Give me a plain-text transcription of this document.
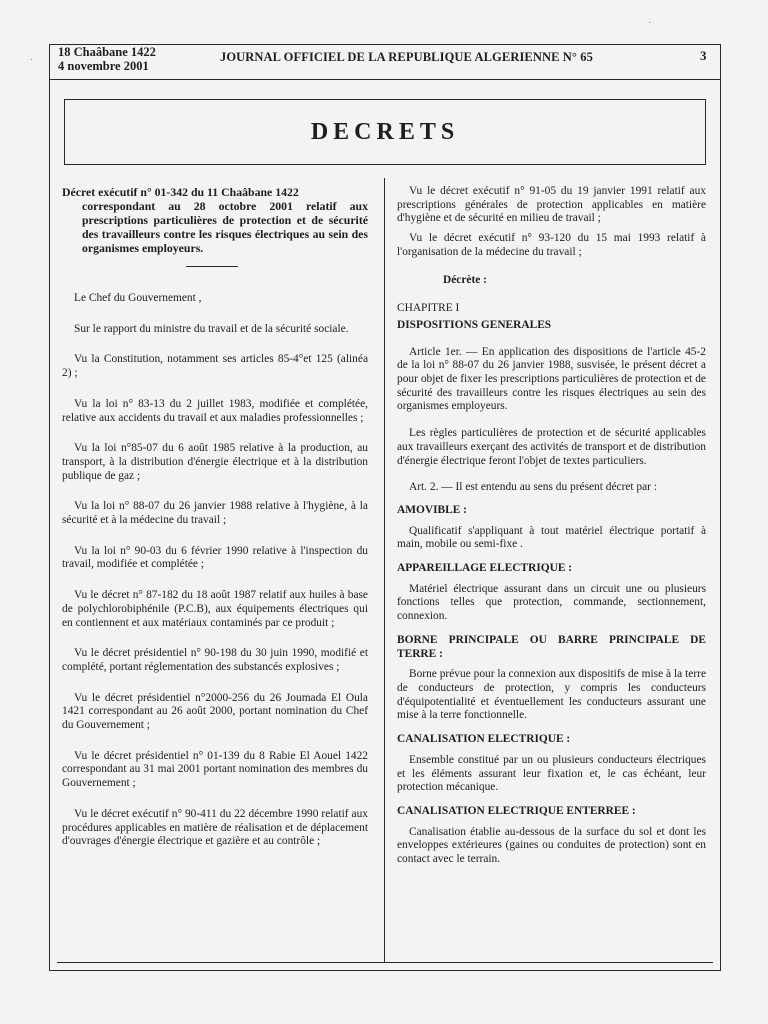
18 Chaâbane 1422
4 novembre 2001
JOURNAL OFFICIEL DE LA REPUBLIQUE ALGERIENNE N° 65	3
DECRETS
Décret exécutif n° 01-342 du 11 Chaâbane 1422
correspondant au 28 octobre 2001 relatif aux prescriptions particulières de protection et de sécurité des travailleurs contre les risques électriques au sein des organismes employeurs.

Le Chef du Gouvernement ,

Sur le rapport du ministre du travail et de la sécurité sociale.

Vu la Constitution, notamment ses articles 85-4°et 125 (alinéa 2) ;

Vu la loi n° 83-13 du 2 juillet 1983, modifiée et complétée, relative aux accidents du travail et aux maladies professionnelles ;

Vu la loi n°85-07 du 6 août 1985 relative à la production, au transport, à la distribution d'énergie électrique et à la distribution publique de gaz ;

Vu la loi n° 88-07 du 26 janvier 1988 relative à l'hygiène, à la sécurité et à la médecine du travail ;

Vu la loi n° 90-03 du 6 février 1990 relative à l'inspection du travail, modifiée et complétée ;

Vu le décret n° 87-182 du 18 août 1987 relatif aux huiles à base de polychlorobiphénile (P.C.B), aux équipements électriques qui en contiennent et aux matériaux contaminés par ce produit ;

Vu le décret présidentiel n° 90-198 du 30 juin 1990, modifié et complété, portant réglementation des substancés explosives ;

Vu le décret présidentiel n°2000-256 du 26 Joumada El Oula 1421 correspondant au 26 août 2000, portant nomination du Chef du Gouvernement ;

Vu le décret présidentiel n° 01-139 du 8 Rabie El Aouel 1422 correspondant au 31 mai 2001 portant nomination des membres du Gouvernement ;

Vu le décret exécutif n° 90-411 du 22 décembre 1990 relatif aux procédures applicables en matière de réalisation et de déplacement d'ouvrages d'énergie électrique et gazière et au contrôle ;

Vu le décret exécutif n° 91-05 du 19 janvier 1991 relatif aux prescriptions générales de protection applicables en matière d'hygiène et de sécurité en milieu de travail ;

Vu le décret exécutif n° 93-120 du 15 mai 1993 relatif à l'organisation de la médecine du travail ;

Décrète :

CHAPITRE I

DISPOSITIONS GENERALES

Article 1er. — En application des dispositions de l'article 45-2 de la loi n° 88-07 du 26 janvier 1988, susvisée, le présent décret a pour objet de fixer les prescriptions particulières de protection et de sécurité des travailleurs contre les risques électriques au sein des organismes employeurs.

Les règles particulières de protection et de sécurité applicables aux travailleurs exerçant des activités de transport et de distribution d'énergie électrique feront l'objet de textes particuliers.

Art. 2. — Il est entendu au sens du présent décret par :

AMOVIBLE :

Qualificatif s'appliquant à tout matériel électrique portatif à main, mobile ou semi-fixe .

APPAREILLAGE ELECTRIQUE :

Matériel électrique assurant dans un circuit une ou plusieurs fonctions telles que protection, commande, sectionnement, connexion.

BORNE PRINCIPALE OU BARRE PRINCIPALE DE TERRE :

Borne prévue pour la connexion aux dispositifs de mise à la terre de conducteurs de protection, y compris les conducteurs d'équipotentialité et éventuellement les conducteurs assurant une mise à la terre fonctionnelle.

CANALISATION ELECTRIQUE :

Ensemble constitué par un ou plusieurs conducteurs électriques et les éléments assurant leur fixation et, le cas échéant, leur protection mécanique.

CANALISATION ELECTRIQUE ENTERREE :

Canalisation établie au-dessous de la surface du sol et dont les enveloppes extérieures (gaines ou conduites de protection) sont en contact avec le terrain.

·
·
